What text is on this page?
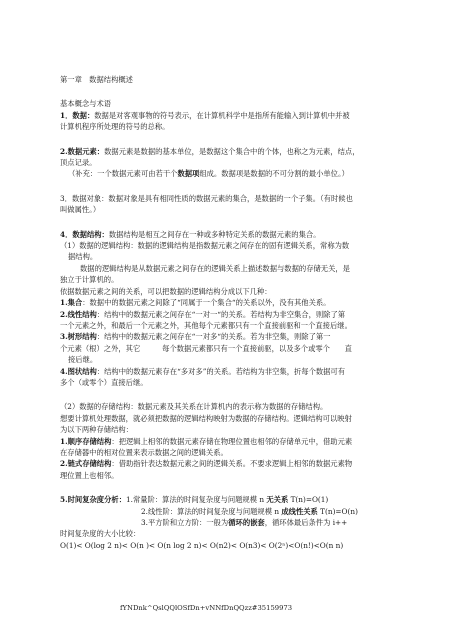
第一章　数据结构概述
基本概念与术语
1．数据：数据是对客观事物的符号表示，在计算机科学中是指所有能输入到计算机中并被
计算机程序所处理的符号的总称。
2.数据元素：数据元素是数据的基本单位，是数据这个集合中的个体，也称之为元素，结点，
顶点记录。
（补充：一个数据元素可由若干个数据项组成。数据项是数据的不可分割的最小单位。）
3．数据对象：数据对象是具有相同性质的数据元素的集合，是数据的一个子集。（有时候也
叫做属性。）
4．数据结构：数据结构是相互之间存在一种或多种特定关系的数据元素的集合。
（1）数据的逻辑结构：数据的逻辑结构是指数据元素之间存在的固有逻辑关系，常称为数
据结构。
数据的逻辑结构是从数据元素之间存在的逻辑关系上描述数据与数据的存储无关，是
独立于计算机的。
依据数据元素之间的关系，可以把数据的逻辑结构分成以下几种：
1.集合：数据中的数据元素之间除了“同属于一个集合“的关系以外，没有其他关系。
2.线性结构：结构中的数据元素之间存在“一对一“的关系。若结构为非空集合，则除了第
一个元素之外，和最后一个元素之外，其他每个元素都只有一个直接前驱和一个直接后继。
3.树形结构：结构中的数据元素之间存在“一对多“的关系。若为非空集，则除了第一
个元素（根）之外，其它　　　每个数据元素都只有一个直接前驱，以及多个或零个　　直
接后继。
4.图状结构：结构中的数据元素存在“多对多”的关系。若结构为非空集，折每个数据可有
多个（或零个）直接后继。
（2）数据的存储结构：数据元素及其关系在计算机内的表示称为数据的存储结构。
想要计算机处理数据，就必须把数据的逻辑结构映射为数据的存储结构。逻辑结构可以映射
为以下两种存储结构：
1.顺序存储结构：把逻辑上相邻的数据元素存储在物理位置也相邻的存储单元中，借助元素
在存储器中的相对位置来表示数据之间的逻辑关系。
2.链式存储结构：借助指针表达数据元素之间的逻辑关系。不要求逻辑上相邻的数据元素物
理位置上也相邻。
5.时间复杂度分析：1.常量阶：算法的时间复杂度与问题规模 n 无关系 T(n)=O(1)
2.线性阶：算法的时间复杂度与问题规模 n 成线性关系 T(n)=O(n)
3.平方阶和立方阶：一般为循环的嵌套，循环体最后条件为 i++
时间复杂度的大小比较：
O(1)< O(log 2 n)< O(n )< O(n log 2 n)< O(n2)< O(n3)< O(2ⁿ)<O(n!)<O(n n)
fYNDnk^QslQQlOSfDn+vNNfDnQQzz#35159973
